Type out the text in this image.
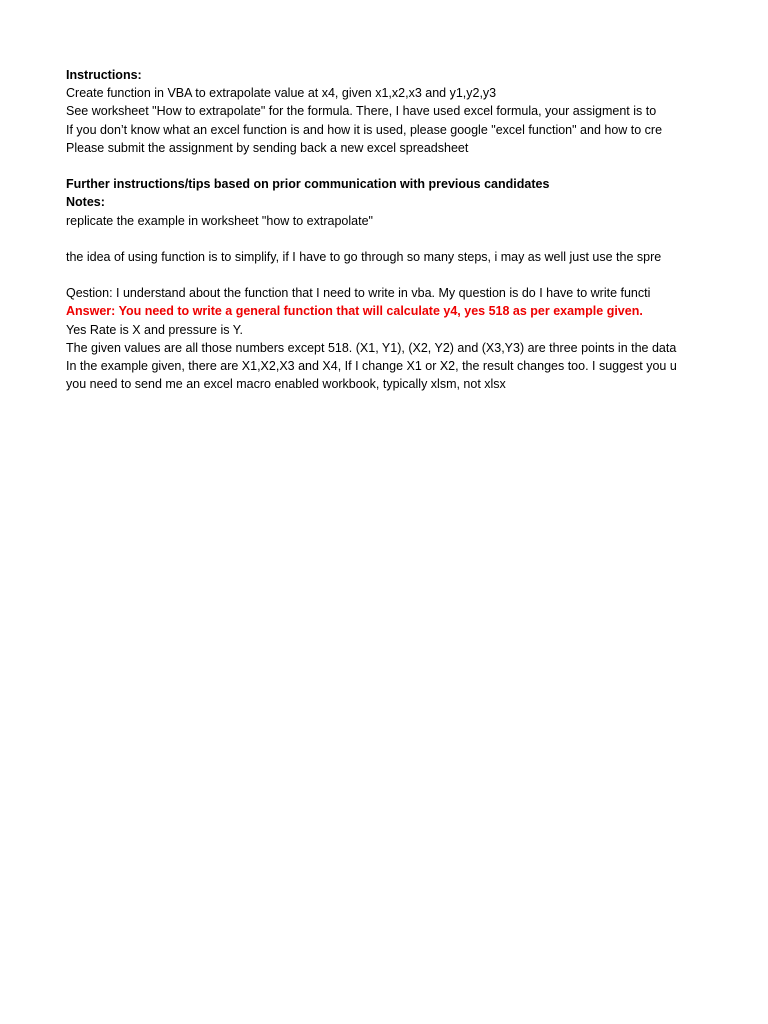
Instructions:
Create function in VBA to extrapolate value at x4, given x1,x2,x3 and y1,y2,y3
See worksheet "How to extrapolate" for the formula. There, I have used excel formula, your assigment is to
If you don’t know what an excel function is and how it is used, please google "excel function" and how to cre
Please submit the assignment by sending back a new excel spreadsheet
Further instructions/tips based on prior communication with previous candidates
Notes:
replicate the example in worksheet "how to extrapolate"
the idea of using function is to simplify, if I have to go through so many steps, i may as well just use the spre
Qestion: I understand about the function that I need to write in vba. My question is do I have to write functi
Answer: You need to write a general function that will calculate y4, yes 518 as per example given.
Yes Rate is X and pressure is Y.
The given values are all those numbers except 518. (X1, Y1), (X2, Y2) and (X3,Y3) are three points in the data
In the example given, there are X1,X2,X3 and X4, If I change X1 or X2, the result changes too. I suggest you u
you need to send me an excel macro enabled workbook, typically xlsm, not xlsx
